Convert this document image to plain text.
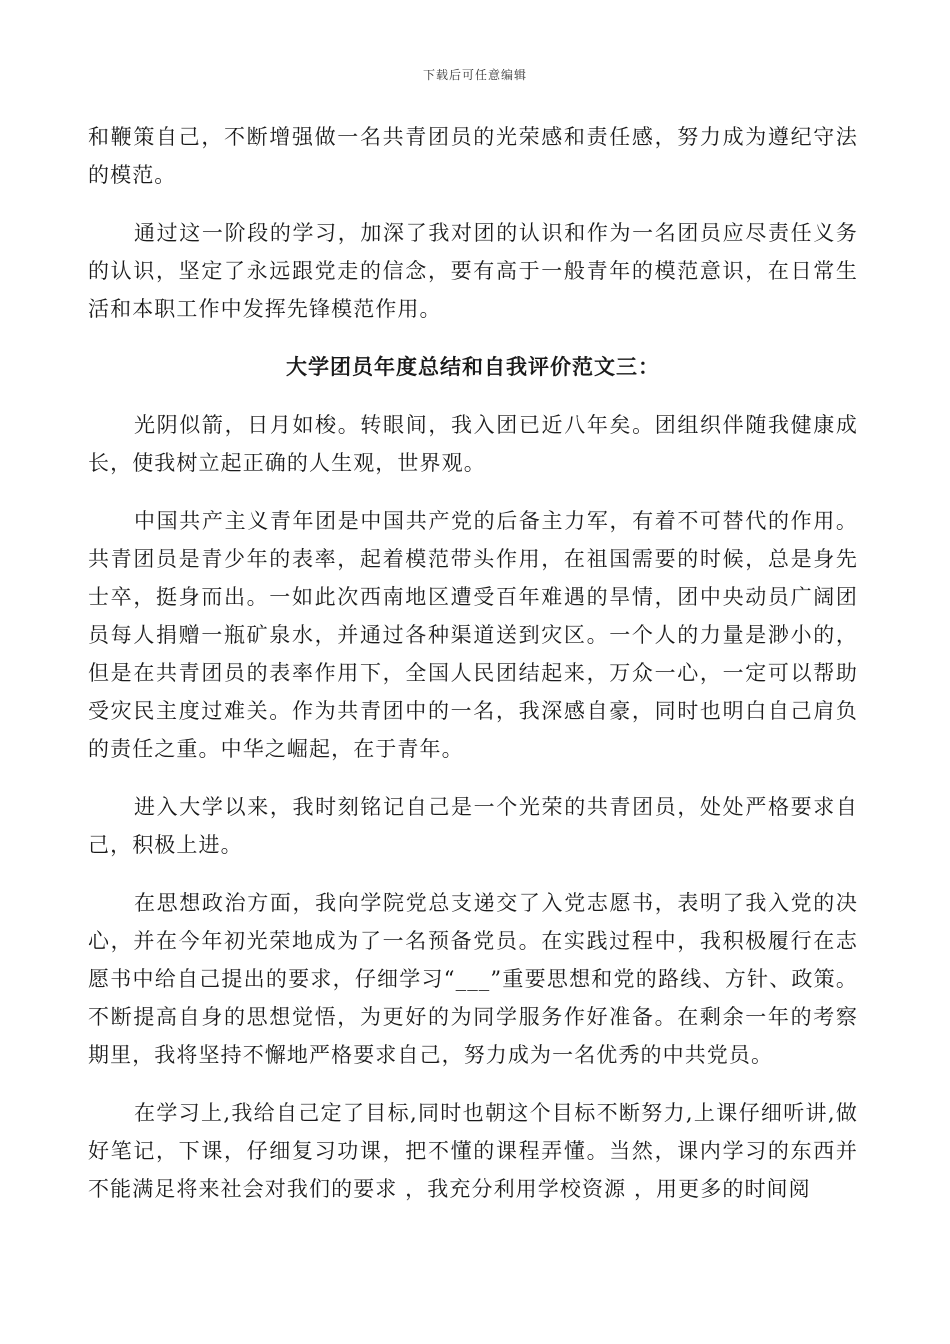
下载后可任意编辑

和鞭策自己，不断增强做一名共青团员的光荣感和责任感，努力成为遵纪守法的模范。

通过这一阶段的学习，加深了我对团的认识和作为一名团员应尽责任义务的认识，坚定了永远跟党走的信念，要有高于一般青年的模范意识，在日常生活和本职工作中发挥先锋模范作用。

大学团员年度总结和自我评价范文三：

光阴似箭，日月如梭。转眼间，我入团已近八年矣。团组织伴随我健康成长，使我树立起正确的人生观，世界观。

中国共产主义青年团是中国共产党的后备主力军，有着不可替代的作用。共青团员是青少年的表率，起着模范带头作用，在祖国需要的时候，总是身先士卒，挺身而出。一如此次西南地区遭受百年难遇的旱情，团中央动员广阔团员每人捐赠一瓶矿泉水，并通过各种渠道送到灾区。一个人的力量是渺小的，但是在共青团员的表率作用下，全国人民团结起来，万众一心，一定可以帮助受灾民主度过难关。作为共青团中的一名，我深感自豪，同时也明白自己肩负的责任之重。中华之崛起，在于青年。

进入大学以来，我时刻铭记自己是一个光荣的共青团员，处处严格要求自己，积极上进。

在思想政治方面，我向学院党总支递交了入党志愿书，表明了我入党的决心，并在今年初光荣地成为了一名预备党员。在实践过程中，我积极履行在志愿书中给自己提出的要求，仔细学习“___”重要思想和党的路线、方针、政策。不断提高自身的思想觉悟，为更好的为同学服务作好准备。在剩余一年的考察期里，我将坚持不懈地严格要求自己，努力成为一名优秀的中共党员。

在学习上,我给自己定了目标,同时也朝这个目标不断努力,上课仔细听讲,做好笔记，下课，仔细复习功课，把不懂的课程弄懂。当然，课内学习的东西并不能满足将来社会对我们的要求 ，我充分利用学校资源 ，用更多的时间阅
